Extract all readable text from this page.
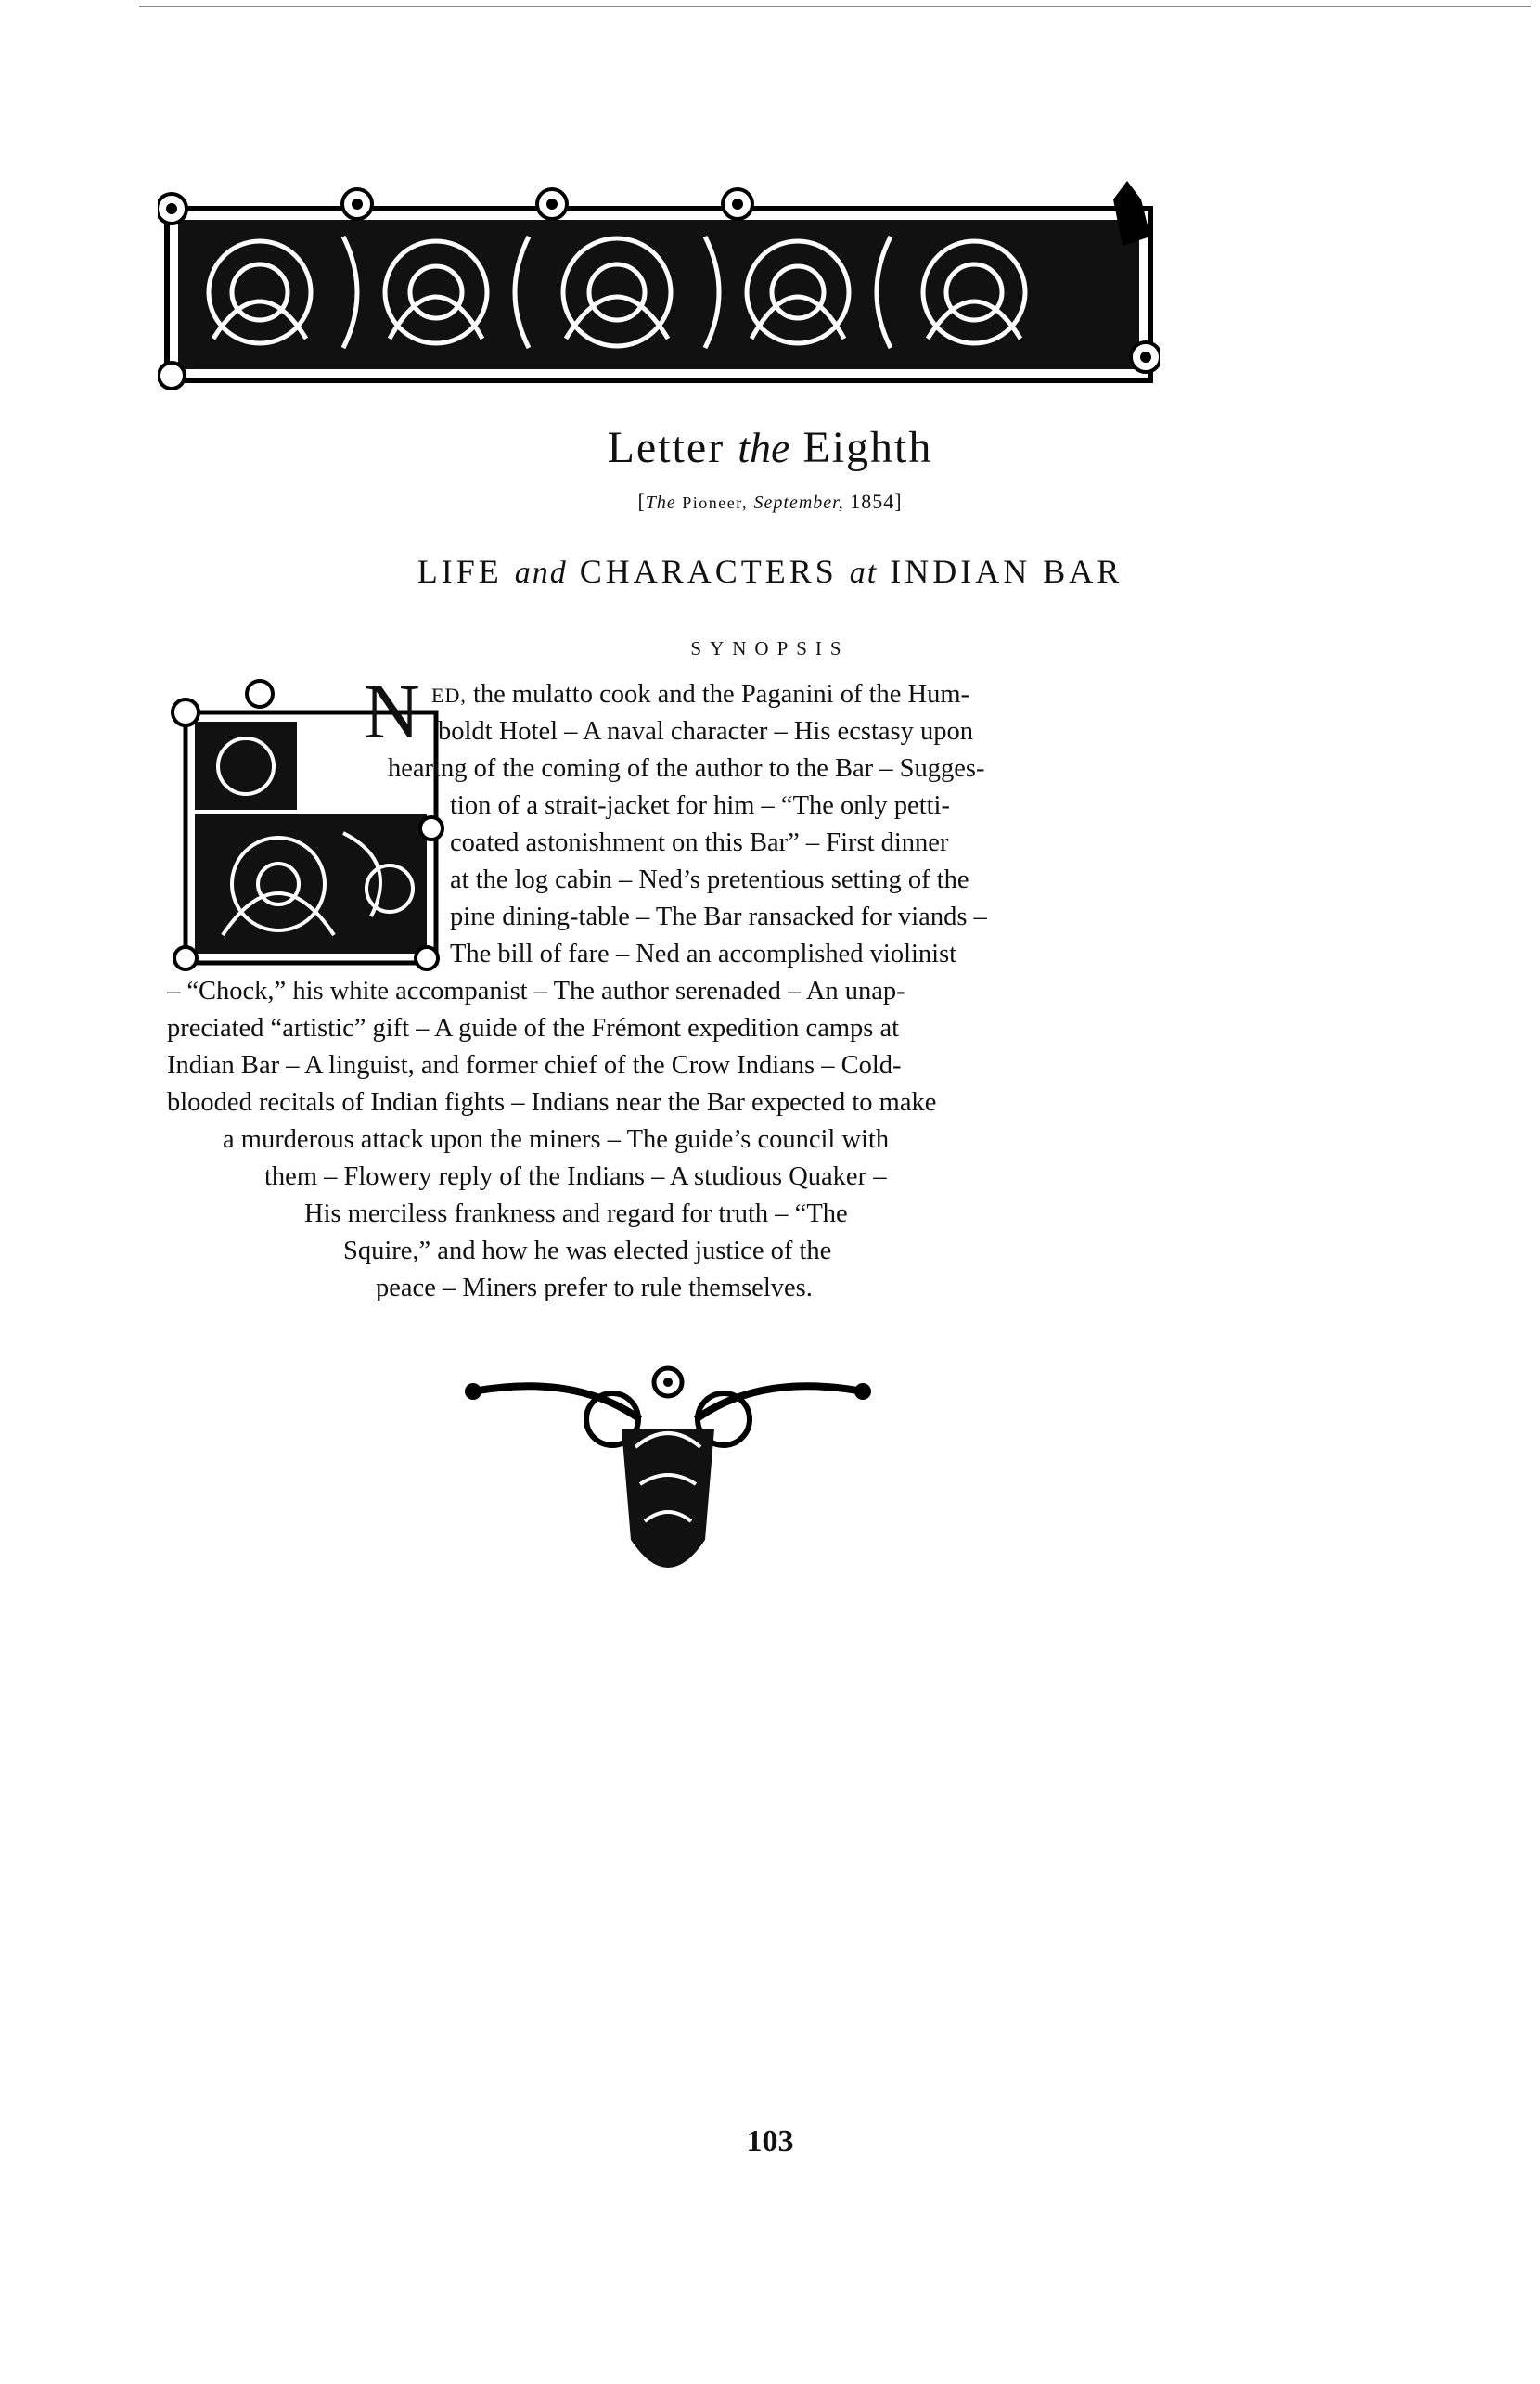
Letter the Eighth
[The Pioneer, September, 1854]
LIFE and CHARACTERS at INDIAN BAR
SYNOPSIS
N ED, the mulatto cook and the Paganini of the Hum-
boldt Hotel – A naval character – His ecstasy upon
hearing of the coming of the author to the Bar – Sugges-
tion of a strait-jacket for him – “The only petti-
coated astonishment on this Bar” – First dinner
at the log cabin – Ned’s pretentious setting of the
pine dining-table – The Bar ransacked for viands –
The bill of fare – Ned an accomplished violinist
– “Chock,” his white accompanist – The author serenaded – An unap-
preciated “artistic” gift – A guide of the Frémont expedition camps at
Indian Bar – A linguist, and former chief of the Crow Indians – Cold-
blooded recitals of Indian fights – Indians near the Bar expected to make
a murderous attack upon the miners – The guide’s council with
them – Flowery reply of the Indians – A studious Quaker –
His merciless frankness and regard for truth – “The
Squire,” and how he was elected justice of the
peace – Miners prefer to rule themselves.
103
